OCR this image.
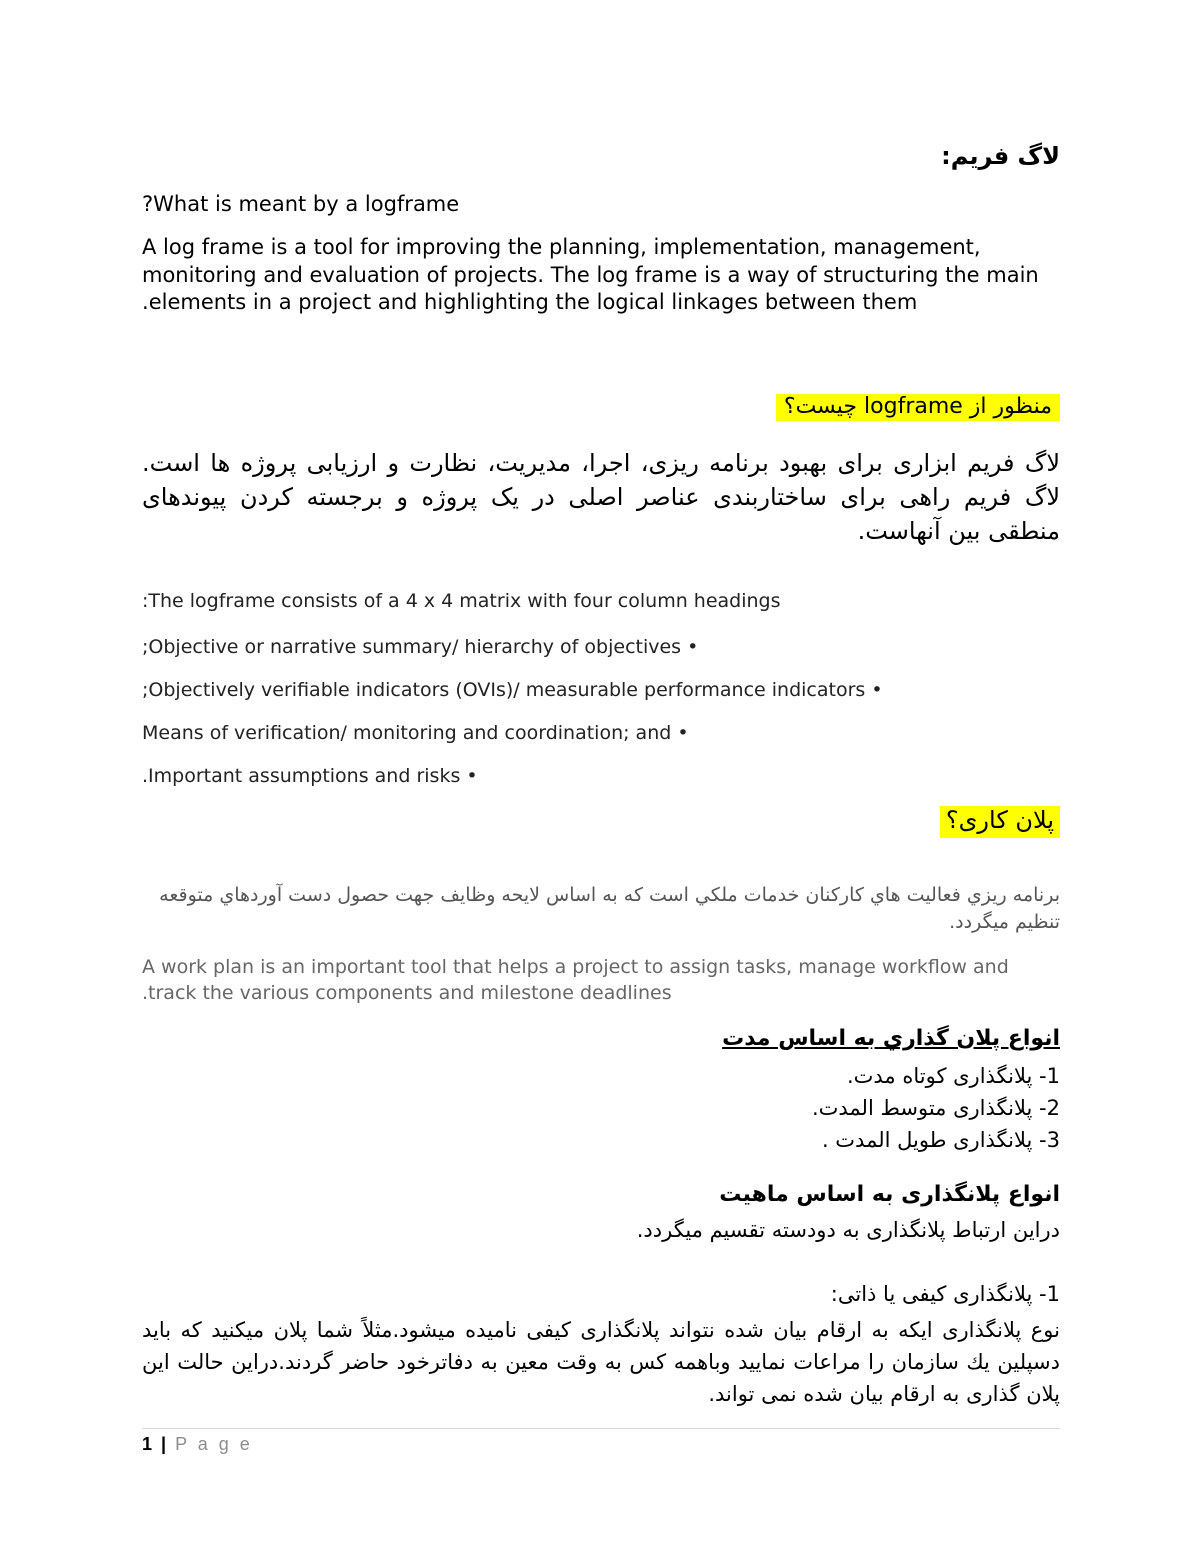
لاگ فریم:
What is meant by a logframe?
A log frame is a tool for improving the planning, implementation, management, monitoring and evaluation of projects. The log frame is a way of structuring the main elements in a project and highlighting the logical linkages between them.
منظور از logframe چیست؟
لاگ فریم ابزاری برای بهبود برنامه ریزی، اجرا، مدیریت، نظارت و ارزیابی پروژه ها است. لاگ فریم راهی برای ساختاربندی عناصر اصلی در یک پروژه و برجسته کردن پیوندهای منطقی بین آنهاست.
The logframe consists of a 4 x 4 matrix with four column headings:
• Objective or narrative summary/ hierarchy of objectives;
• Objectively verifiable indicators (OVIs)/ measurable performance indicators;
• Means of verification/ monitoring and coordination; and
• Important assumptions and risks.
پلان کاری؟
برنامه ريزي فعاليت هاي كاركنان خدمات ملكي است كه به اساس لايحه وظايف جهت حصول دست آوردهاي متوقعه تنظيم ميگردد.
A work plan is an important tool that helps a project to assign tasks, manage workflow and track the various components and milestone deadlines.
انواع پلان گذاري به اساس مدت
1- پلانگذاری کوتاه مدت.
2- پلانگذاری متوسط المدت.
3- پلانگذاری طویل المدت .
انواع پلانگذاری به اساس ماهیت
دراین ارتباط پلانگذاری به دودسته تقسیم میگردد.
1- پلانگذاری کیفی یا ذاتی:
نوع پلانگذاری ایکه به ارقام بیان شده نتواند پلانگذاری کیفی نامیده میشود.مثلاً شما پلان میکنید که باید دسپلین يك سازمان را مراعات نمایید وباهمه کس به وقت معین به دفاترخود حاضر گردند.دراین حالت این پلان گذاری به ارقام بیان شده نمی تواند.
1 | P a g e
